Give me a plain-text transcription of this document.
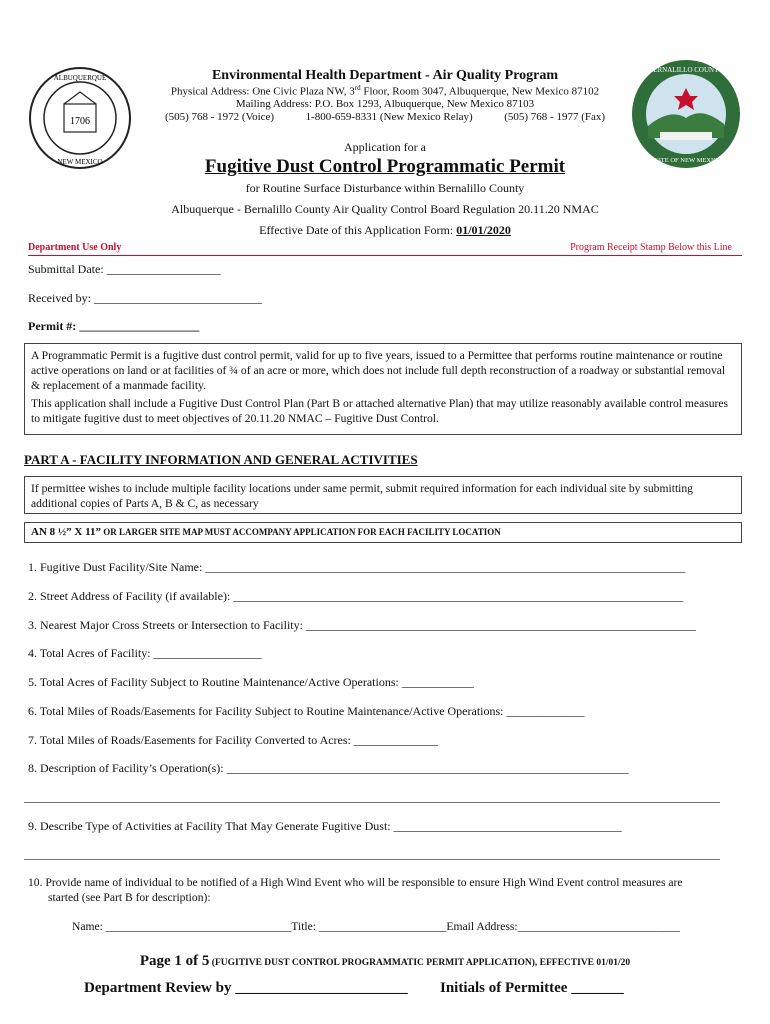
1706
ALBUQUERQUE
NEW MEXICO
BERNALILLO COUNTY
STATE OF NEW MEXICO
Environmental Health Department - Air Quality Program
Physical Address: One Civic Plaza NW, 3rd Floor, Room 3047, Albuquerque, New Mexico 87102
Mailing Address: P.O. Box 1293, Albuquerque, New Mexico 87103
(505) 768 - 1972 (Voice)	1-800-659-8331 (New Mexico Relay)	(505) 768 - 1977 (Fax)
Application for a
Fugitive Dust Control Programmatic Permit
for Routine Surface Disturbance within Bernalillo County
Albuquerque - Bernalillo County Air Quality Control Board Regulation 20.11.20 NMAC
Effective Date of this Application Form: 01/01/2020
Department Use Only	Program Receipt Stamp Below this Line
Submittal Date: ___________________
Received by: ____________________________
Permit #: ____________________
A Programmatic Permit is a fugitive dust control permit, valid for up to five years, issued to a Permittee that performs routine maintenance or routine active operations on land or at facilities of ¾ of an acre or more, which does not include full depth reconstruction of a roadway or substantial removal & replacement of a manmade facility.
This application shall include a Fugitive Dust Control Plan (Part B or attached alternative Plan) that may utilize reasonably available control measures to mitigate fugitive dust to meet objectives of 20.11.20 NMAC – Fugitive Dust Control.
PART A - FACILITY INFORMATION AND GENERAL ACTIVITIES
If permittee wishes to include multiple facility locations under same permit, submit required information for each individual site by submitting additional copies of Parts A, B & C, as necessary
AN 8 ½” X 11” OR LARGER SITE MAP MUST ACCOMPANY APPLICATION FOR EACH FACILITY LOCATION
1. Fugitive Dust Facility/Site Name: ________________________________________________________________________________
2. Street Address of Facility (if available): ___________________________________________________________________________
3. Nearest Major Cross Streets or Intersection to Facility: _________________________________________________________________
4. Total Acres of Facility: __________________
5. Total Acres of Facility Subject to Routine Maintenance/Active Operations: ____________
6. Total Miles of Roads/Easements for Facility Subject to Routine Maintenance/Active Operations: _____________
7. Total Miles of Roads/Easements for Facility Converted to Acres: ______________
8. Description of Facility’s Operation(s): ___________________________________________________________________
____________________________________________________________________________________________________________________
9. Describe Type of Activities at Facility That May Generate Fugitive Dust: ______________________________________
____________________________________________________________________________________________________________________
10. Provide name of individual to be notified of a High Wind Event who will be responsible to ensure High Wind Event control measures are
started (see Part B for description):
Name: ________________________________Title: ______________________Email Address:____________________________
Page 1 of 5 (FUGITIVE DUST CONTROL PROGRAMMATIC PERMIT APPLICATION), EFFECTIVE 01/01/20
Department Review by _______________________ Initials of Permittee _______
